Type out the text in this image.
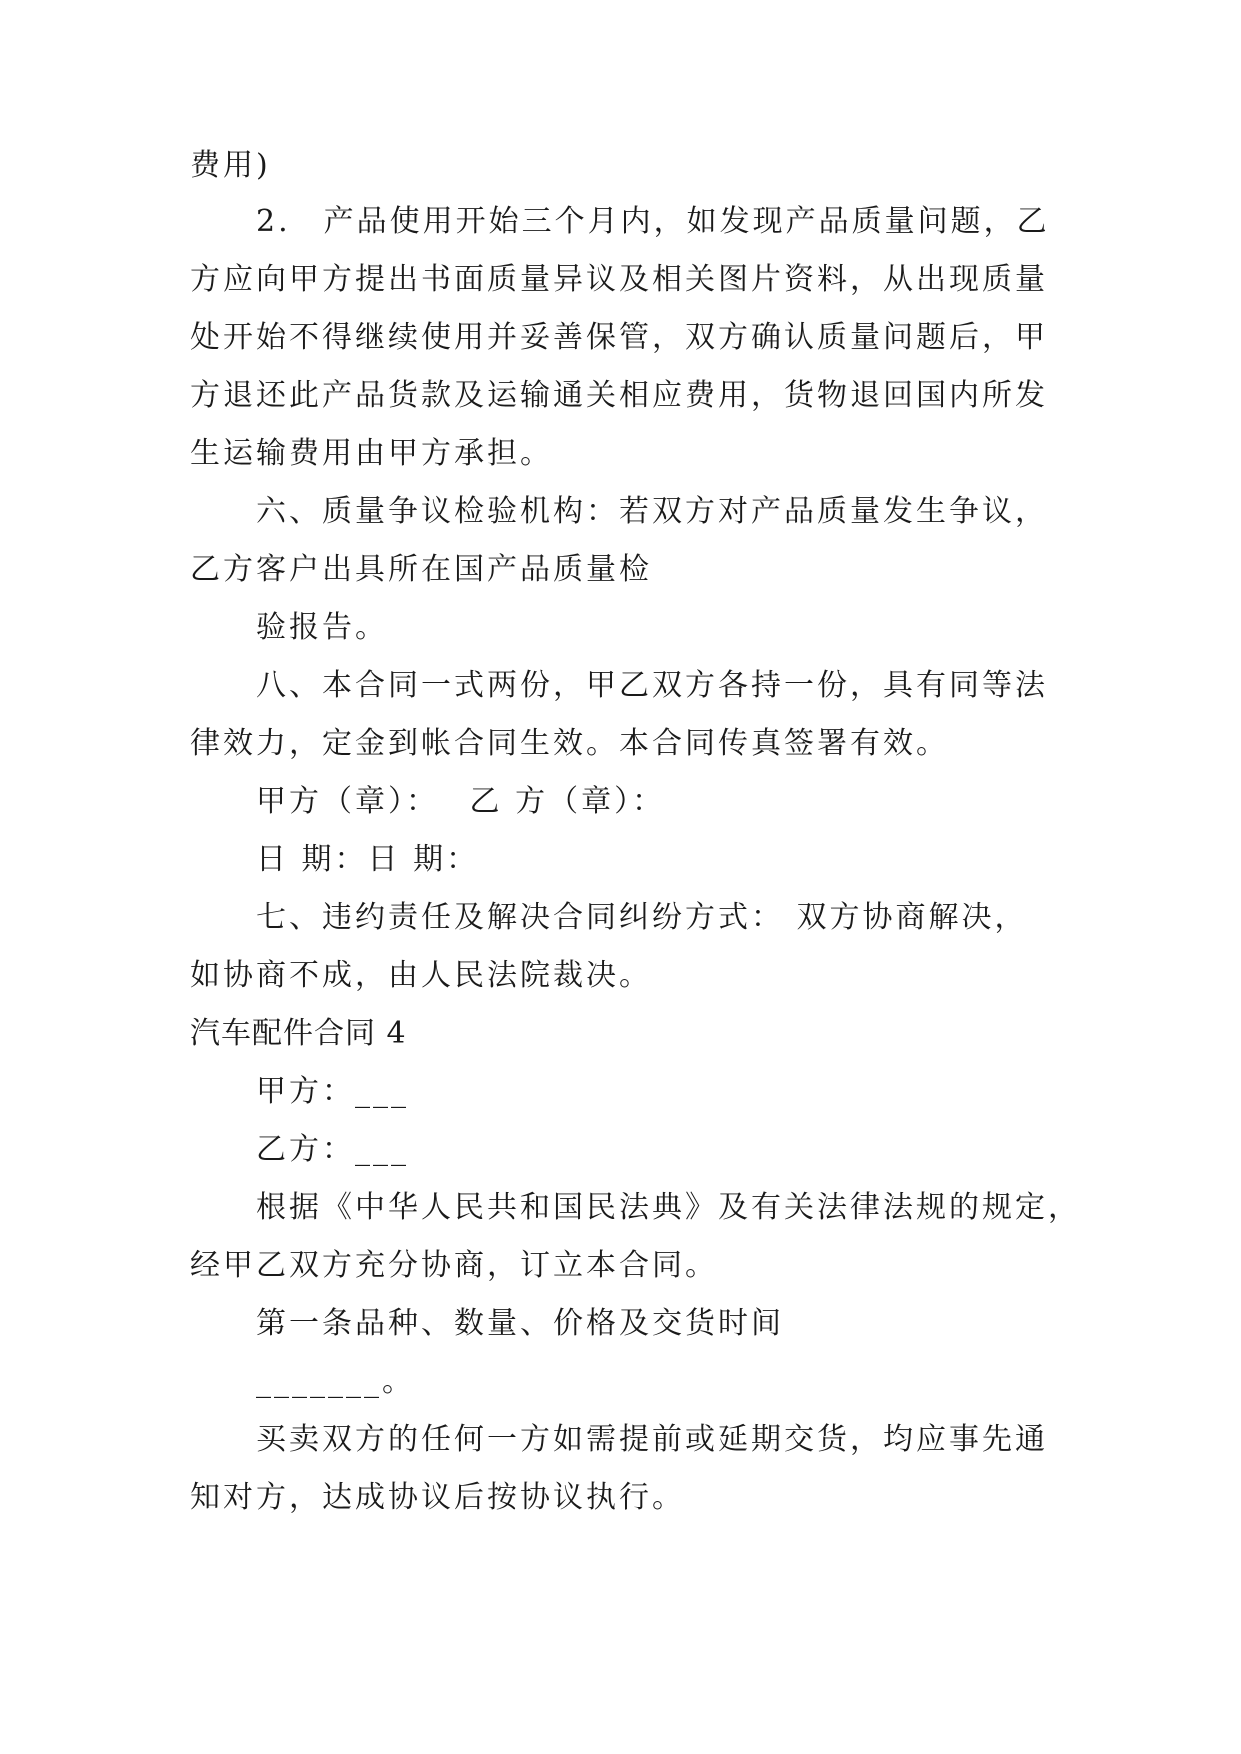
费用)
2.　产品使用开始三个月内，如发现产品质量问题，乙
方应向甲方提出书面质量异议及相关图片资料，从出现质量
处开始不得继续使用并妥善保管，双方确认质量问题后，甲
方退还此产品货款及运输通关相应费用，货物退回国内所发
生运输费用由甲方承担。
六、质量争议检验机构：若双方对产品质量发生争议，
乙方客户出具所在国产品质量检
验报告。
八、本合同一式两份，甲乙双方各持一份，具有同等法
律效力，定金到帐合同生效。本合同传真签署有效。
甲方（章）：　 乙 方（章）：
日 期：日 期：
七、违约责任及解决合同纠纷方式： 双方协商解决，
如协商不成，由人民法院裁决。
汽车配件合同 4
甲方：___
乙方：___
根据《中华人民共和国民法典》及有关法律法规的规定，
经甲乙双方充分协商，订立本合同。
第一条品种、数量、价格及交货时间
_______。
买卖双方的任何一方如需提前或延期交货，均应事先通
知对方，达成协议后按协议执行。
